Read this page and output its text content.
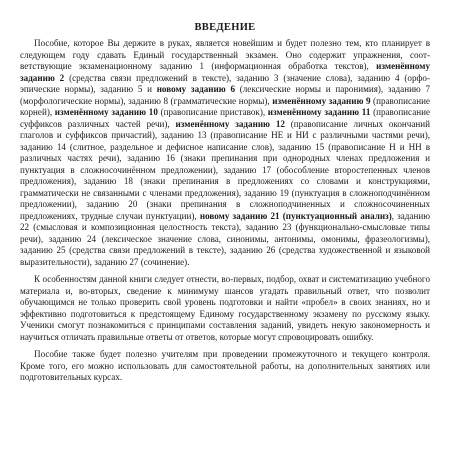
ВВЕДЕНИЕ

Пособие, которое Вы держите в руках, является новейшим и будет полезно тем, кто планирует в следующем году сдавать Единый государственный экзамен. Оно содержит упражнения, соответствующие экзаменационному заданию 1 (информационная обработка текстов), изменённому заданию 2 (средства связи предложений в тексте), заданию 3 (значение слова), заданию 4 (орфоэпические нормы), заданию 5 и новому заданию 6 (лексические нормы и паронимия), заданию 7 (морфологические нормы), заданию 8 (грамматические нормы), изменённому заданию 9 (правописание корней), изменённому заданию 10 (правописание приставок), изменённому заданию 11 (правописание суффиксов различных частей речи), изменённому заданию 12 (правописание личных окончаний глаголов и суффиксов причастий), заданию 13 (правописание НЕ и НИ с различными частями речи), заданию 14 (слитное, раздельное и дефисное написание слов), заданию 15 (правописание Н и НН в различных частях речи), заданию 16 (знаки препинания при однородных членах предложения и пунктуация в сложносочинённом предложении), заданию 17 (обособление второстепенных членов предложения), заданию 18 (знаки препинания в предложениях со словами и конструкциями, грамматически не связанными с членами предложения), заданию 19 (пунктуация в сложноподчинённом предложении), заданию 20 (знаки препинания в сложноподчиненных и сложносочиненных предложениях, трудные случаи пунктуации), новому заданию 21 (пунктуационный анализ), заданию 22 (смысловая и композиционная целостность текста), заданию 23 (функционально-смысловые типы речи), заданию 24 (лексическое значение слова, синонимы, антонимы, омонимы, фразеологизмы), заданию 25 (средства связи предложений в тексте), заданию 26 (средства художественной и языковой выразительности), заданию 27 (сочинение).

К особенностям данной книги следует отнести, во-первых, подбор, охват и систематизацию учебного материала и, во-вторых, сведение к минимуму шансов угадать правильный ответ, что позволит обучающимся не только проверить свой уровень подготовки и найти «пробел» в своих знаниях, но и эффективно подготовиться к предстоящему Единому государственному экзамену по русскому языку. Ученики смогут познакомиться с принципами составления заданий, увидеть некую закономерность и научиться отличать правильные ответы от ответов, которые могут спровоцировать ошибку.

Пособие также будет полезно учителям при проведении промежуточного и текущего контроля. Кроме того, его можно использовать для самостоятельной работы, на дополнительных занятиях или подготовительных курсах.
